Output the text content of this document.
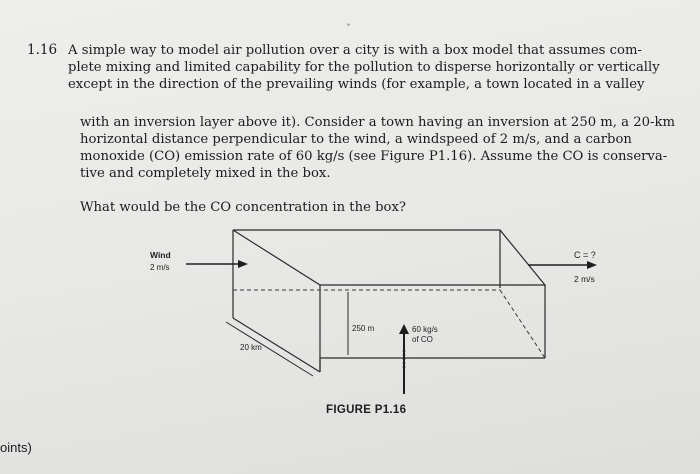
ˇ
1.16 A simple way to model air pollution over a city is with a box model that assumes com-
plete mixing and limited capability for the pollution to disperse horizontally or vertically
except in the direction of the prevailing winds (for example, a town located in a valley
with an inversion layer above it). Consider a town having an inversion at 250 m, a 20-km
horizontal distance perpendicular to the wind, a windspeed of 2 m/s, and a carbon
monoxide (CO) emission rate of 60 kg/s (see Figure P1.16). Assume the CO is conserva-
tive and completely mixed in the box.
What would be the CO concentration in the box?
Wind
2 m/s
C = ?
2 m/s
250 m
20 km
60 kg/s
of CO
FIGURE P1.16
oints)
